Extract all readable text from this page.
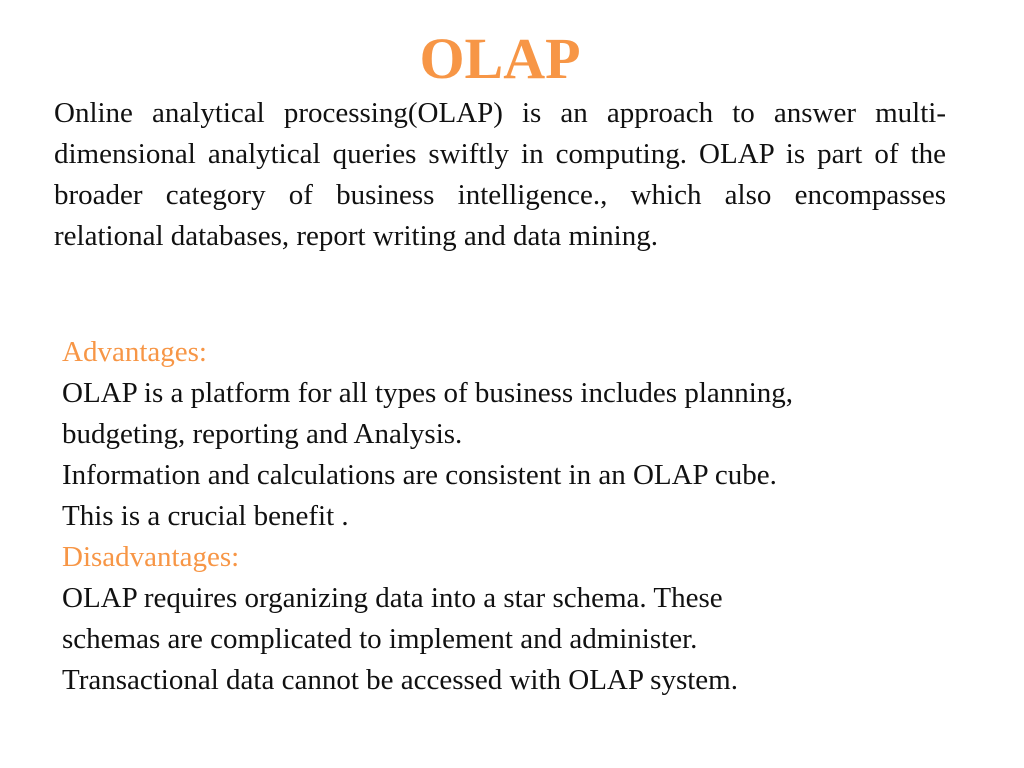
OLAP
Online analytical processing(OLAP) is an approach to answer multi-dimensional analytical queries swiftly in computing. OLAP is part of the broader category of business intelligence., which also encompasses relational databases, report writing and data mining.
Advantages:
OLAP is a platform for all types of business includes planning,
budgeting, reporting and Analysis.
Information and calculations are consistent in an OLAP cube.
This is a crucial benefit .
Disadvantages:
OLAP requires organizing data into a star schema. These
schemas are complicated to implement and administer.
Transactional data cannot be accessed with OLAP system.
